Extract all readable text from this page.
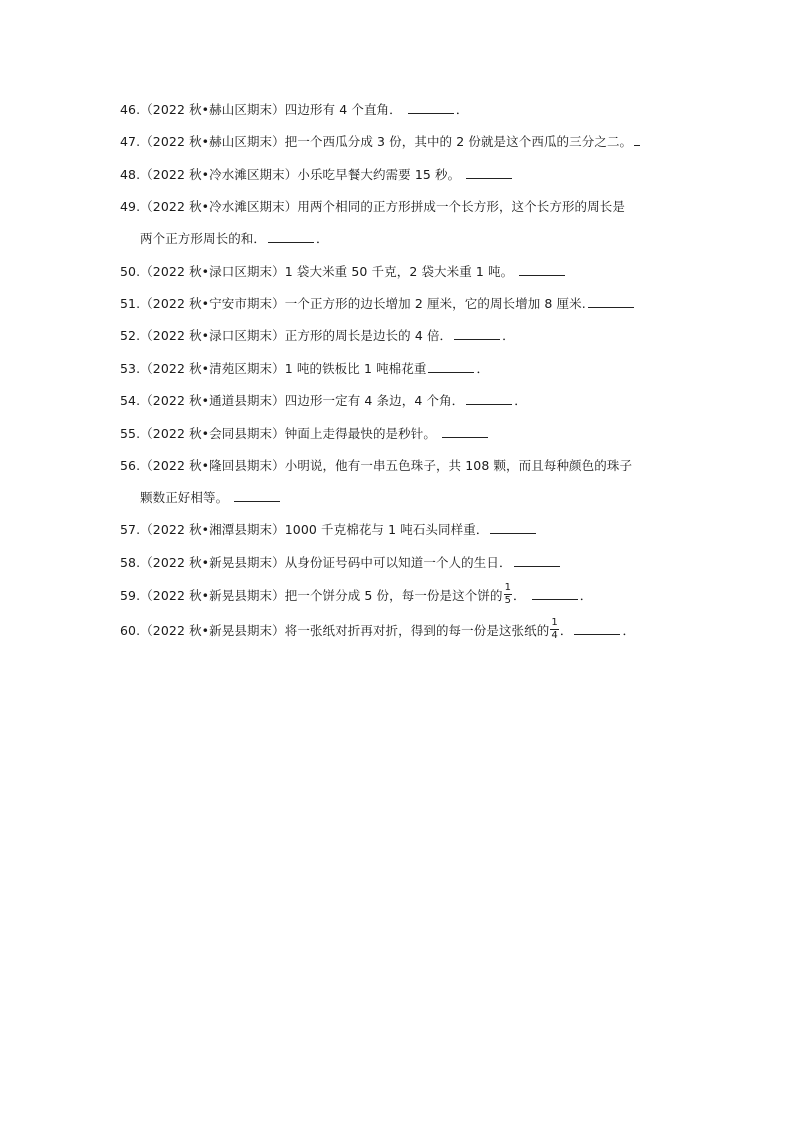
46.（2022 秋•赫山区期末）四边形有 4 个直角．	．
47.（2022 秋•赫山区期末）把一个西瓜分成 3 份，其中的 2 份就是这个西瓜的三分之二。
48.（2022 秋•冷水滩区期末）小乐吃早餐大约需要 15 秒。
49.（2022 秋•冷水滩区期末）用两个相同的正方形拼成一个长方形，这个长方形的周长是
两个正方形周长的和．	．
50.（2022 秋•渌口区期末）1 袋大米重 50 千克，2 袋大米重 1 吨。
51.（2022 秋•宁安市期末）一个正方形的边长增加 2 厘米，它的周长增加 8 厘米.
52.（2022 秋•渌口区期末）正方形的周长是边长的 4 倍．	．
53.（2022 秋•清苑区期末）1 吨的铁板比 1 吨棉花重	．
54.（2022 秋•通道县期末）四边形一定有 4 条边，4 个角．	．
55.（2022 秋•会同县期末）钟面上走得最快的是秒针。
56.（2022 秋•隆回县期末）小明说，他有一串五色珠子，共 108 颗，而且每种颜色的珠子
颗数正好相等。
57.（2022 秋•湘潭县期末）1000 千克棉花与 1 吨石头同样重．
58.（2022 秋•新晃县期末）从身份证号码中可以知道一个人的生日．
59.（2022 秋•新晃县期末）把一个饼分成 5 份，每一份是这个饼的 $\frac{1}{5}$ ．	．
60.（2022 秋•新晃县期末）将一张纸对折再对折，得到的每一份是这张纸的 $\frac{1}{4}$ ．	．
